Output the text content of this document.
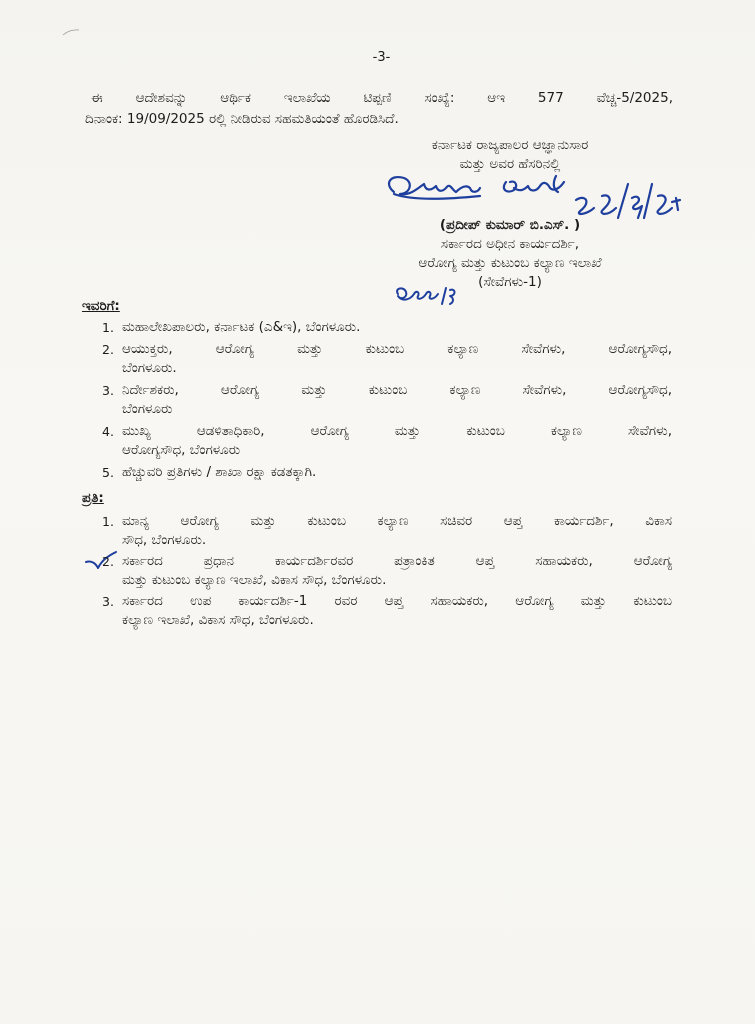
-3-
ಈ ಆದೇಶವನ್ನು ಆರ್ಥಿಕ ಇಲಾಖೆಯ ಟಿಪ್ಪಣಿ ಸಂಖ್ಯೆ: ಆಇ 577 ವೆಚ್ಚ-5/2025,
ದಿನಾಂಕ: 19/09/2025 ರಲ್ಲಿ ನೀಡಿರುವ ಸಹಮತಿಯಂತೆ ಹೊರಡಿಸಿದೆ.
ಕರ್ನಾಟಕ ರಾಜ್ಯಪಾಲರ ಆಜ್ಞಾನುಸಾರ
ಮತ್ತು ಅವರ ಹೆಸರಿನಲ್ಲಿ
(ಪ್ರದೀಪ್ ಕುಮಾರ್ ಬಿ.ಎಸ್. )
ಸರ್ಕಾರದ ಅಧೀನ ಕಾರ್ಯದರ್ಶಿ,
ಆರೋಗ್ಯ ಮತ್ತು ಕುಟುಂಬ ಕಲ್ಯಾಣ ಇಲಾಖೆ
(ಸೇವೆಗಳು-1)
ಇವರಿಗೆ:
1. ಮಹಾಲೇಖಪಾಲರು, ಕರ್ನಾಟಕ (ಎ&ಇ), ಬೆಂಗಳೂರು.
2. ಆಯುಕ್ತರು, ಆರೋಗ್ಯ ಮತ್ತು ಕುಟುಂಬ ಕಲ್ಯಾಣ ಸೇವೆಗಳು, ಆರೋಗ್ಯಸೌಧ,
ಬೆಂಗಳೂರು.
3. ನಿರ್ದೇಶಕರು, ಆರೋಗ್ಯ ಮತ್ತು ಕುಟುಂಬ ಕಲ್ಯಾಣ ಸೇವೆಗಳು, ಆರೋಗ್ಯಸೌಧ,
ಬೆಂಗಳೂರು
4. ಮುಖ್ಯ ಆಡಳಿತಾಧಿಕಾರಿ, ಆರೋಗ್ಯ ಮತ್ತು ಕುಟುಂಬ ಕಲ್ಯಾಣ ಸೇವೆಗಳು,
ಆರೋಗ್ಯಸೌಧ, ಬೆಂಗಳೂರು
5. ಹೆಚ್ಚುವರಿ ಪ್ರತಿಗಳು / ಶಾಖಾ ರಕ್ಷಾ ಕಡತಕ್ಕಾಗಿ.
ಪ್ರತಿ:
1. ಮಾನ್ಯ ಆರೋಗ್ಯ ಮತ್ತು ಕುಟುಂಬ ಕಲ್ಯಾಣ ಸಚಿವರ ಆಪ್ತ ಕಾರ್ಯದರ್ಶಿ, ವಿಕಾಸ
ಸೌಧ, ಬೆಂಗಳೂರು.
2. ಸರ್ಕಾರದ ಪ್ರಧಾನ ಕಾರ್ಯದರ್ಶಿರವರ ಪತ್ರಾಂಕಿತ ಆಪ್ತ ಸಹಾಯಕರು, ಆರೋಗ್ಯ
ಮತ್ತು ಕುಟುಂಬ ಕಲ್ಯಾಣ ಇಲಾಖೆ, ವಿಕಾಸ ಸೌಧ, ಬೆಂಗಳೂರು.
3. ಸರ್ಕಾರದ ಉಪ ಕಾರ್ಯದರ್ಶಿ-1 ರವರ ಆಪ್ತ ಸಹಾಯಕರು, ಆರೋಗ್ಯ ಮತ್ತು ಕುಟುಂಬ
ಕಲ್ಯಾಣ ಇಲಾಖೆ, ವಿಕಾಸ ಸೌಧ, ಬೆಂಗಳೂರು.
